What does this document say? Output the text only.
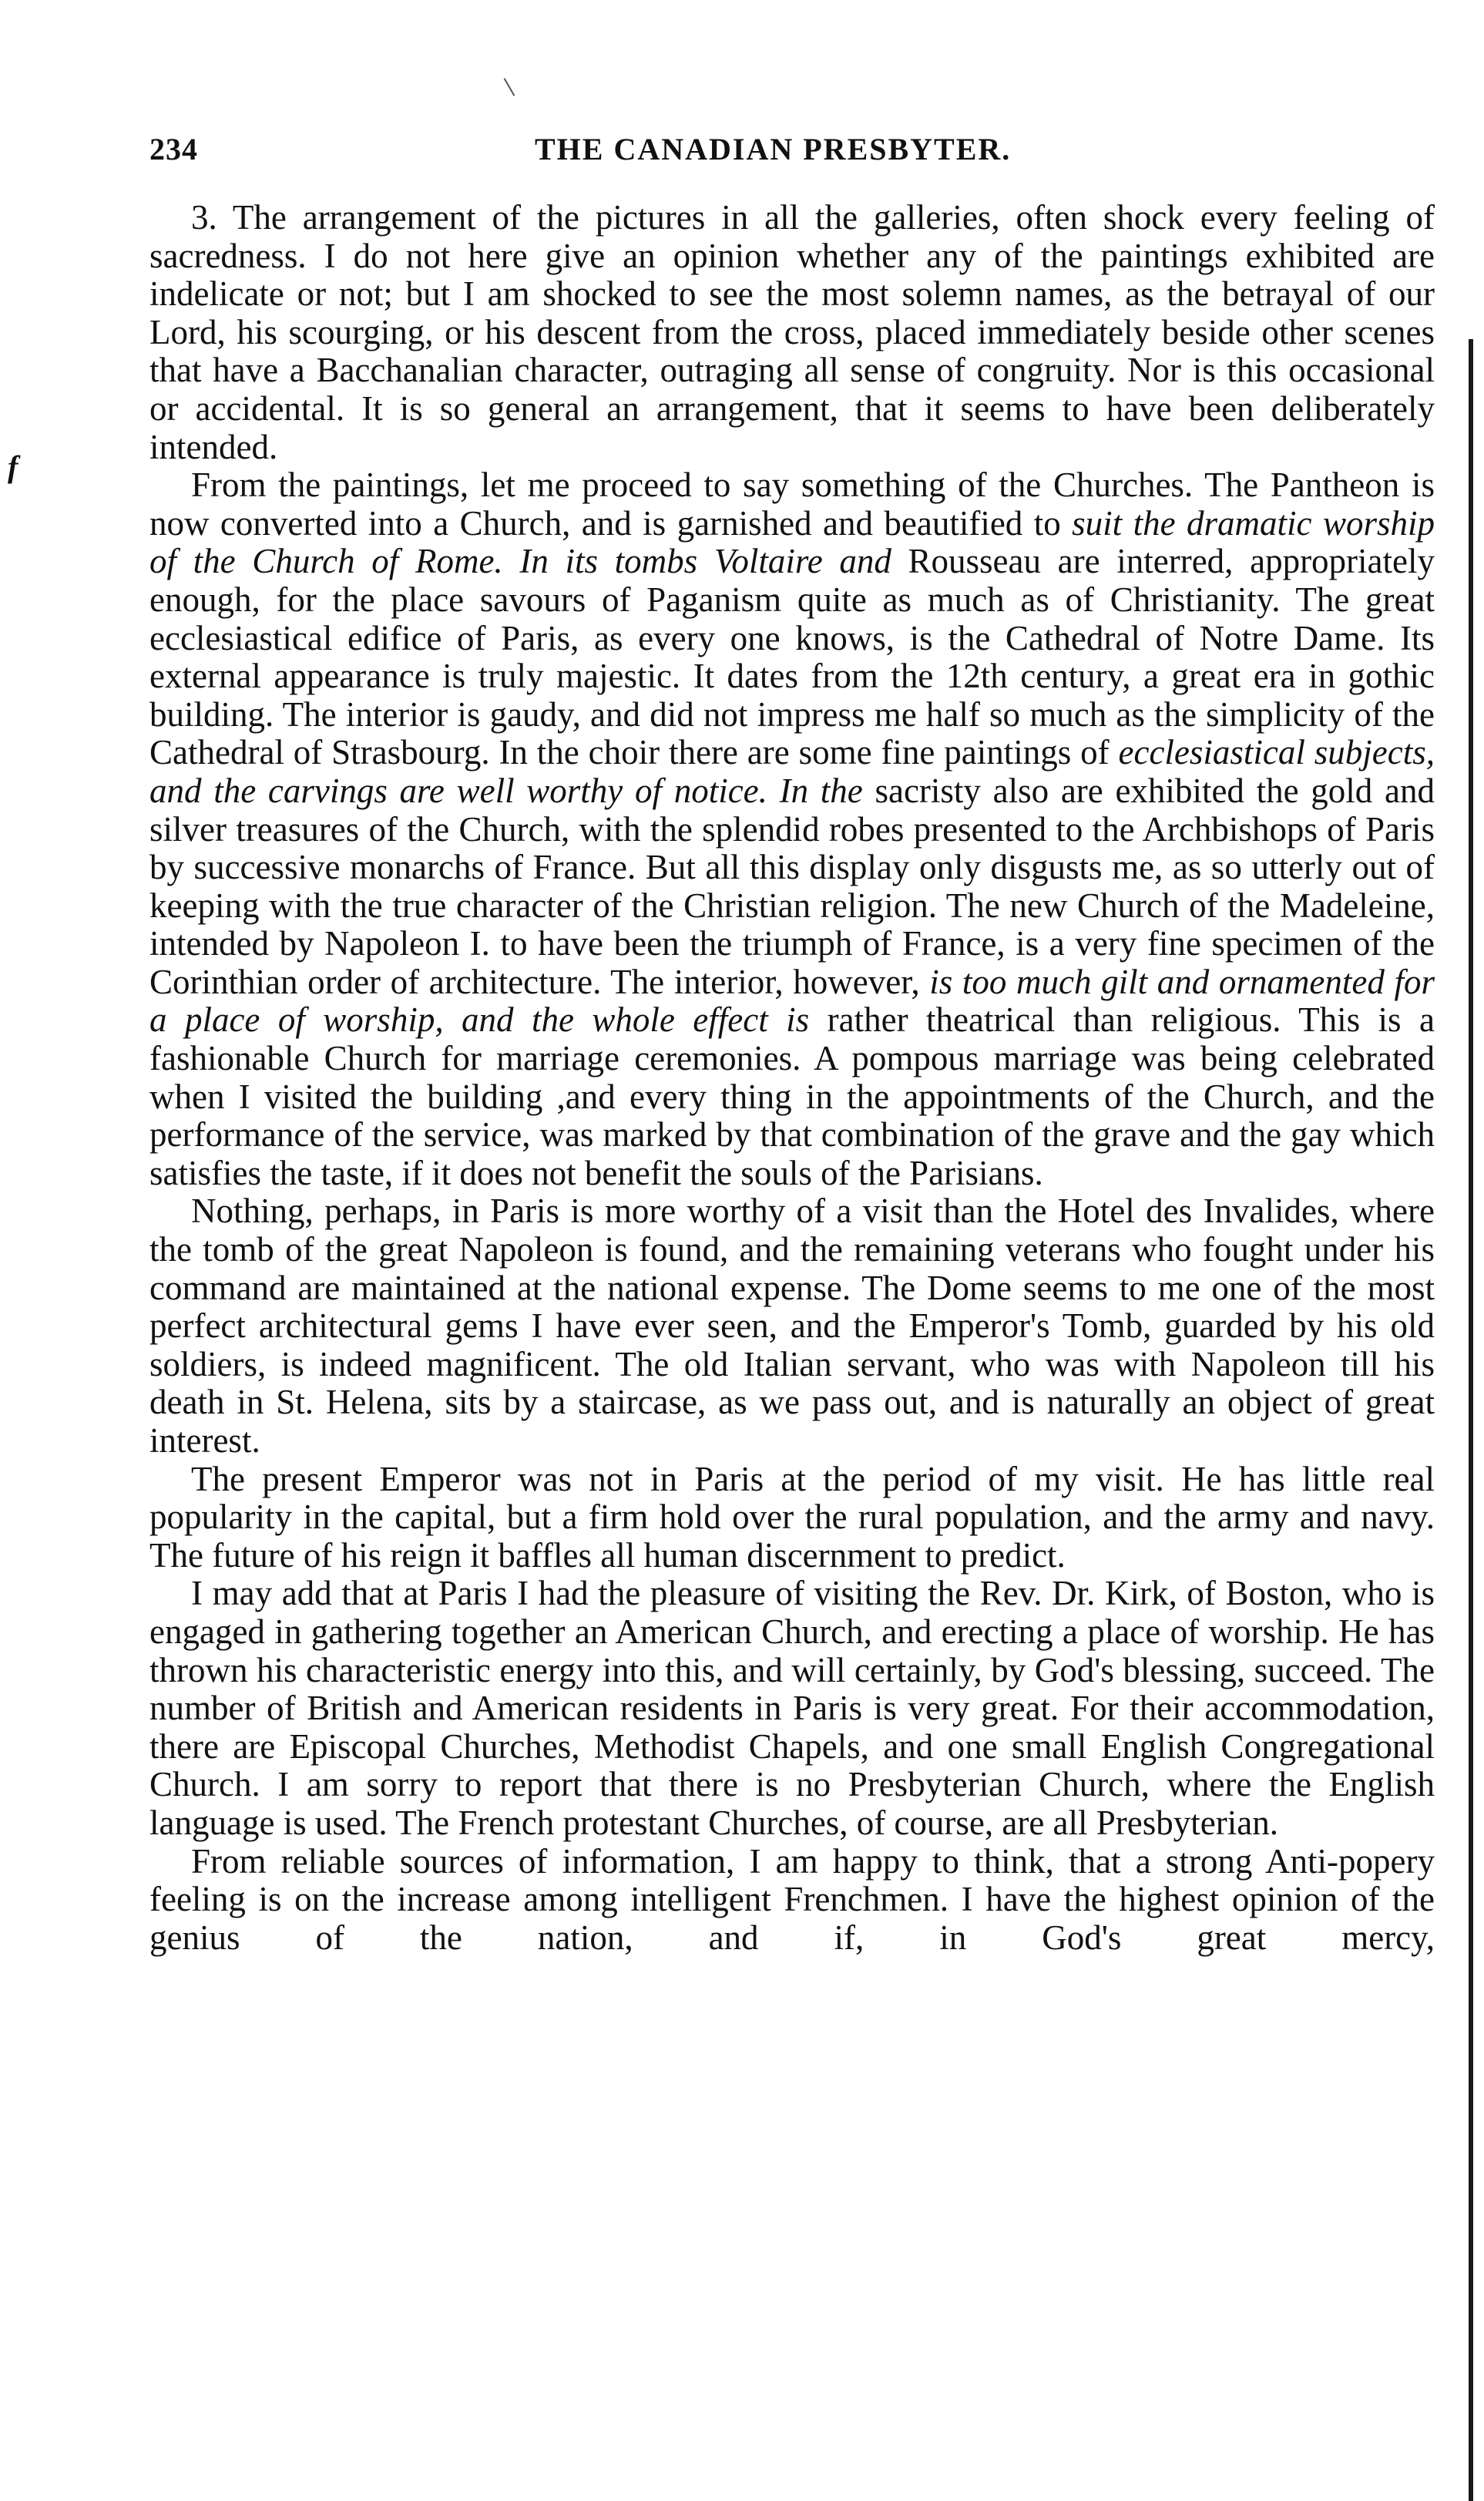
234	THE CANADIAN PRESBYTER.
f

3. The arrangement of the pictures in all the galleries, often shock every feeling of sacredness. I do not here give an opinion whether any of the paintings exhibited are indelicate or not; but I am shocked to see the most solemn names, as the betrayal of our Lord, his scourging, or his descent from the cross, placed immediately beside other scenes that have a Bacchanalian character, outraging all sense of congruity. Nor is this occasional or accidental. It is so general an arrangement, that it seems to have been deliberately intended.

From the paintings, let me proceed to say something of the Churches. The Pantheon is now converted into a Church, and is garnished and beautified to suit the dramatic worship of the Church of Rome. In its tombs Voltaire and Rousseau are interred, appropriately enough, for the place savours of Paganism quite as much as of Christianity. The great ecclesiastical edifice of Paris, as every one knows, is the Cathedral of Notre Dame. Its external appearance is truly majestic. It dates from the 12th century, a great era in gothic building. The interior is gaudy, and did not impress me half so much as the simplicity of the Cathedral of Strasbourg. In the choir there are some fine paintings of ecclesiastical subjects, and the carvings are well worthy of notice. In the sacristy also are exhibited the gold and silver treasures of the Church, with the splendid robes presented to the Archbishops of Paris by successive monarchs of France. But all this display only disgusts me, as so utterly out of keeping with the true character of the Christian religion. The new Church of the Madeleine, intended by Napoleon I. to have been the triumph of France, is a very fine specimen of the Corinthian order of architecture. The interior, however, is too much gilt and ornamented for a place of worship, and the whole effect is rather theatrical than religious. This is a fashionable Church for marriage ceremonies. A pompous marriage was being celebrated when I visited the building ,and every thing in the appointments of the Church, and the performance of the service, was marked by that combination of the grave and the gay which satisfies the taste, if it does not benefit the souls of the Parisians.

Nothing, perhaps, in Paris is more worthy of a visit than the Hotel des Invalides, where the tomb of the great Napoleon is found, and the remaining veterans who fought under his command are maintained at the national expense. The Dome seems to me one of the most perfect architectural gems I have ever seen, and the Emperor's Tomb, guarded by his old soldiers, is indeed magnificent. The old Italian servant, who was with Napoleon till his death in St. Helena, sits by a staircase, as we pass out, and is naturally an object of great interest.

The present Emperor was not in Paris at the period of my visit. He has little real popularity in the capital, but a firm hold over the rural population, and the army and navy. The future of his reign it baffles all human discernment to predict.

I may add that at Paris I had the pleasure of visiting the Rev. Dr. Kirk, of Boston, who is engaged in gathering together an American Church, and erecting a place of worship. He has thrown his characteristic energy into this, and will certainly, by God's blessing, succeed. The number of British and American residents in Paris is very great. For their accommodation, there are Episcopal Churches, Methodist Chapels, and one small English Congregational Church. I am sorry to report that there is no Presbyterian Church, where the English language is used. The French protestant Churches, of course, are all Presbyterian.

From reliable sources of information, I am happy to think, that a strong Anti-popery feeling is on the increase among intelligent Frenchmen. I have the highest opinion of the genius of the nation, and if, in God's great mercy,
